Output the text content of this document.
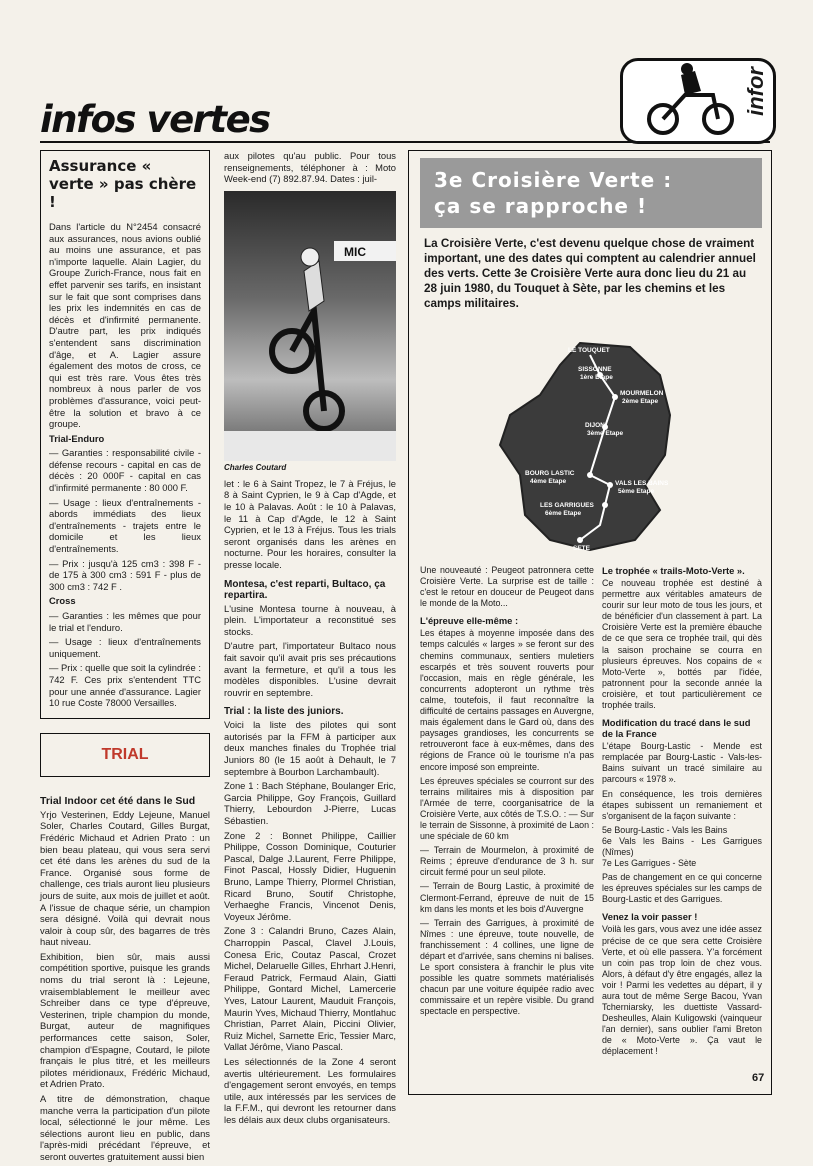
infos vertes
infor
Assurance « verte » pas chère !

Dans l'article du N°2454 consacré aux assurances, nous avions oublié au moins une assurance, et pas n'importe laquelle. Alain Lagier, du Groupe Zurich-France, nous fait en effet parvenir ses tarifs, en insistant sur le fait que sont comprises dans les prix les indemnités en cas de décès et d'infirmité permanente. D'autre part, les prix indiqués s'entendent sans discrimination d'âge, et A. Lagier assure également des motos de cross, ce qui est très rare. Vous êtes très nombreux à nous parler de vos problèmes d'assurance, voici peut-être la solution et bravo à ce groupe.

Trial-Enduro

— Garanties : responsabilité civile - défense recours - capital en cas de décès : 20 000F - capital en cas d'infirmité permanente : 80 000 F.

— Usage : lieux d'entraînements - abords immédiats des lieux d'entraînements - trajets entre le domicile et les lieux d'entraînements.

— Prix : jusqu'à 125 cm3 : 398 F - de 175 à 300 cm3 : 591 F - plus de 300 cm3 : 742 F .

Cross

— Garanties : les mêmes que pour le trial et l'enduro.

— Usage : lieux d'entraînements uniquement.

— Prix : quelle que soit la cylindrée : 742 F. Ces prix s'entendent TTC pour une année d'assurance. Lagier 10 rue Coste 78000 Versailles.

TRIAL

Trial Indoor cet été dans le Sud

Yrjo Vesterinen, Eddy Lejeune, Manuel Soler, Charles Coutard, Gilles Burgat, Frédéric Michaud et Adrien Prato : un bien beau plateau, qui vous sera servi cet été dans les arènes du sud de la France. Organisé sous forme de challenge, ces trials auront lieu plusieurs jours de suite, aux mois de juillet et août. A l'issue de chaque série, un champion sera désigné. Voilà qui devrait nous valoir à coup sûr, des bagarres de très haut niveau.

Exhibition, bien sûr, mais aussi compétition sportive, puisque les grands noms du trial seront là : Lejeune, vraisemblablement le meilleur avec Schreiber dans ce type d'épreuve, Vesterinen, triple champion du monde, Burgat, auteur de magnifiques performances cette saison, Soler, champion d'Espagne, Coutard, le pilote français le plus titré, et les meilleurs pilotes méridionaux, Frédéric Michaud, et Adrien Prato.

A titre de démonstration, chaque manche verra la participation d'un pilote local, sélectionné le jour même. Les sélections auront lieu en public, dans l'après-midi précédant l'épreuve, et seront ouvertes gratuitement aussi bien

aux pilotes qu'au public. Pour tous renseignements, téléphoner à : Moto Week-end (7) 892.87.94. Dates : juil-

MIC

Charles Coutard

let : le 6 à Saint Tropez, le 7 à Fréjus, le 8 à Saint Cyprien, le 9 à Cap d'Agde, et le 10 à Palavas. Août : le 10 à Palavas, le 11 à Cap d'Agde, le 12 à Saint Cyprien, et le 13 à Fréjus. Tous les trials seront organisés dans les arènes en nocturne. Pour les horaires, consulter la presse locale.

Montesa, c'est reparti, Bultaco, ça repartira.

L'usine Montesa tourne à nouveau, à plein. L'importateur a reconstitué ses stocks.

D'autre part, l'importateur Bultaco nous fait savoir qu'il avait pris ses précautions avant la fermeture, et qu'il a tous les modèles disponibles. L'usine devrait rouvrir en septembre.

Trial : la liste des juniors.

Voici la liste des pilotes qui sont autorisés par la FFM à participer aux deux manches finales du Trophée trial Juniors 80 (le 15 août à Dehault, le 7 septembre à Bourbon Larchambault).

Zone 1 : Bach Stéphane, Boulanger Eric, Garcia Philippe, Goy François, Guillard Thierry, Lebourdon J-Pierre, Lucas Sébastien.

Zone 2 : Bonnet Philippe, Caillier Philippe, Cosson Dominique, Couturier Pascal, Dalge J.Laurent, Ferre Philippe, Finot Pascal, Hossly Didier, Huguenin Bruno, Lampe Thierry, Plormel Christian, Ricard Bruno, Soutif Christophe, Verhaeghe Francis, Vincenot Denis, Voyeux Jérôme.

Zone 3 : Calandri Bruno, Cazes Alain, Charroppin Pascal, Clavel J.Louis, Conesa Eric, Coutaz Pascal, Crozet Michel, Delaruelle Gilles, Ehrhart J.Henri, Feraud Patrick, Fermaud Alain, Giatti Philippe, Gontard Michel, Lamercerie Yves, Latour Laurent, Mauduit François, Maurin Yves, Michaud Thierry, Montlahuc Christian, Parret Alain, Piccini Olivier, Ruiz Michel, Sarnette Eric, Tessier Marc, Vallat Jérôme, Viano Pascal.

Les sélectionnés de la Zone 4 seront avertis ultérieurement. Les formulaires d'engagement seront envoyés, en temps utile, aux intéressés par les services de la F.F.M., qui devront les retourner dans les délais aux deux clubs organisateurs.

3e Croisière Verte :
ça se rapproche !

La Croisière Verte, c'est devenu quelque chose de vraiment important, une des dates qui comptent au calendrier annuel des verts. Cette 3e Croisière Verte aura donc lieu du 21 au 28 juin 1980, du Touquet à Sète, par les chemins et les camps militaires.

LE TOUQUET
SISSONNE
1ère Etape
MOURMELON
2ème Etape
DIJON
3ème Etape
BOURG LASTIC
4ème Etape	VALS LES BAINS
5ème Etape
LES GARRIGUES
6ème Etape
SETE

Une nouveauté : Peugeot patronnera cette Croisière Verte. La surprise est de taille : c'est le retour en douceur de Peugeot dans le monde de la Moto...

L'épreuve elle-même :

Les étapes à moyenne imposée dans des temps calculés « larges » se feront sur des chemins communaux, sentiers muletiers escarpés et très souvent rouverts pour l'occasion, mais en règle générale, les concurrents adopteront un rythme très calme, toutefois, il faut reconnaître la difficulté de certains passages en Auvergne, mais également dans le Gard où, dans des paysages grandioses, les concurrents se retrouveront face à eux-mêmes, dans des régions de France où le tourisme n'a pas encore imposé son empreinte.

Les épreuves spéciales se courront sur des terrains militaires mis à disposition par l'Armée de terre, coorganisatrice de la Croisière Verte, aux côtés de T.S.O. : — Sur le terrain de Sissonne, à proximité de Laon : une spéciale de 60 km

— Terrain de Mourmelon, à proximité de Reims ; épreuve d'endurance de 3 h. sur circuit fermé pour un seul pilote.

— Terrain de Bourg Lastic, à proximité de Clermont-Ferrand, épreuve de nuit de 15 km dans les monts et les bois d'Auvergne

— Terrain des Garrigues, à proximité de Nîmes : une épreuve, toute nouvelle, de franchissement : 4 collines, une ligne de départ et d'arrivée, sans chemins ni balises. Le sport consistera à franchir le plus vite possible les quatre sommets matérialisés chacun par une voiture équipée radio avec commissaire et un repère visible. Du grand spectacle en perspective.

Le trophée « trails-Moto-Verte ».

Ce nouveau trophée est destiné à permettre aux véritables amateurs de courir sur leur moto de tous les jours, et de bénéficier d'un classement à part. La Croisière Verte est la première ébauche de ce que sera ce trophée trail, qui dès la saison prochaine se courra en plusieurs épreuves. Nos copains de « Moto-Verte », bottés par l'idée, patronnent pour la seconde année la croisière, et tout particulièrement ce trophée trails.

Modification du tracé dans le sud de la France

L'étape Bourg-Lastic - Mende est remplacée par Bourg-Lastic - Vals-les-Bains suivant un tracé similaire au parcours « 1978 ».

En conséquence, les trois dernières étapes subissent un remaniement et s'organisent de la façon suivante :

5e Bourg-Lastic - Vals les Bains

6e Vals les Bains - Les Garrigues (Nîmes)

7e Les Garrigues - Sète

Pas de changement en ce qui concerne les épreuves spéciales sur les camps de Bourg-Lastic et des Garrigues.

Venez la voir passer !

Voilà les gars, vous avez une idée assez précise de ce que sera cette Croisière Verte, et où elle passera. Y'a forcément un coin pas trop loin de chez vous. Alors, à défaut d'y être engagés, allez la voir ! Parmi les vedettes au départ, il y aura tout de même Serge Bacou, Yvan Tcherniarsky, les duettiste Vassard-Desheulles, Alain Kuligowski (vainqueur l'an dernier), sans oublier l'ami Breton de « Moto-Verte ». Ça vaut le déplacement !

67
